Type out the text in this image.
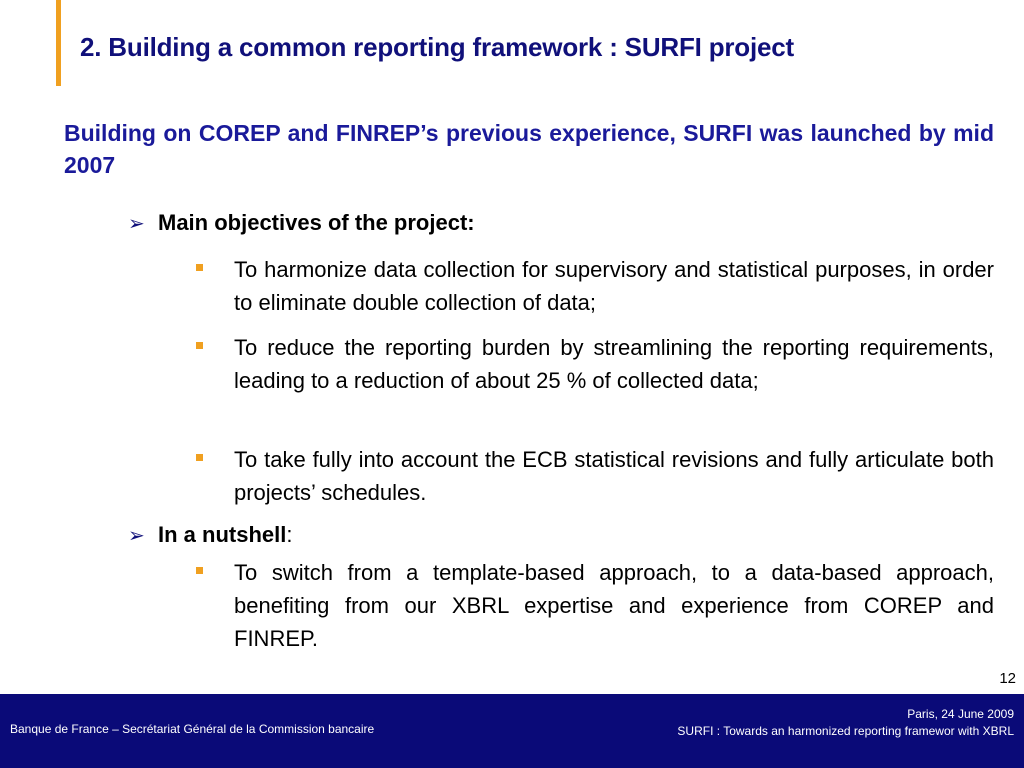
2. Building a common reporting framework : SURFI project
Building on COREP and FINREP’s previous experience, SURFI was launched by mid 2007
➢ Main objectives of the project:
To harmonize data collection for supervisory and statistical purposes, in order to eliminate double collection of data;
To reduce the reporting burden by streamlining the reporting requirements, leading to a reduction of about 25 % of collected data;
To take fully into account the ECB statistical revisions and fully articulate both projects’ schedules.
➢ In a nutshell:
To switch from a template-based approach, to a data-based approach, benefiting from our XBRL expertise and experience from COREP and FINREP.
12
Banque de France – Secrétariat Général de la Commission bancaire
Paris, 24 June 2009
SURFI : Towards an harmonized reporting framewor with XBRL
